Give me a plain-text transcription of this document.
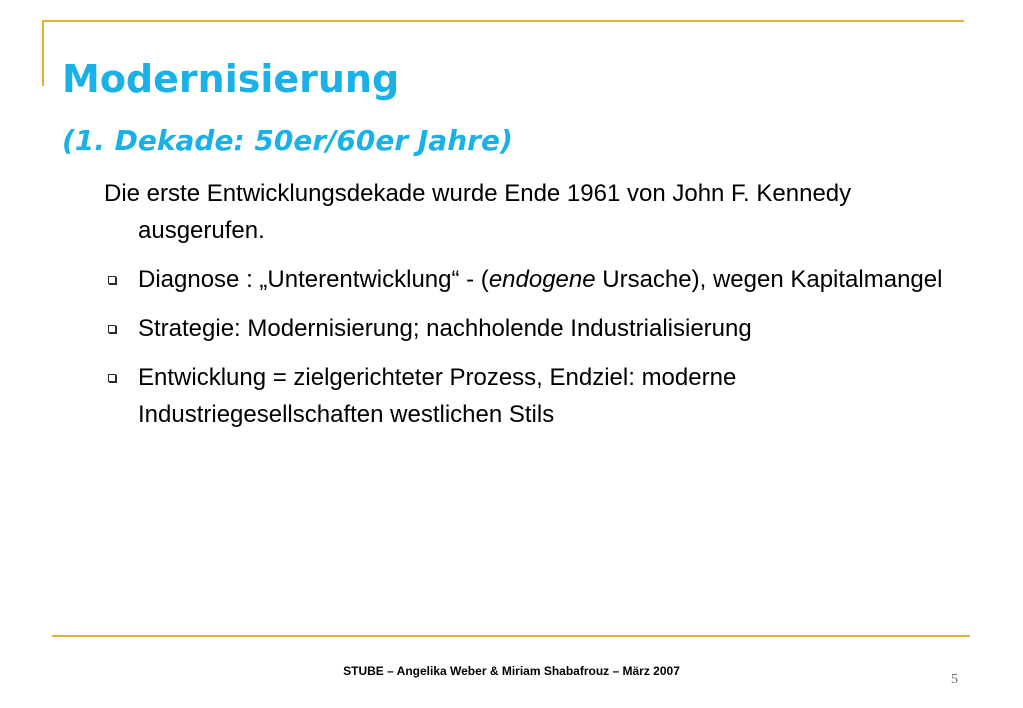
Modernisierung
(1. Dekade: 50er/60er Jahre)

Die erste Entwicklungsdekade wurde Ende 1961 von John F. Kennedy ausgerufen.

Diagnose : „Unterentwicklung“ - (endogene Ursache), wegen Kapitalmangel
Strategie: Modernisierung; nachholende Industrialisierung
Entwicklung = zielgerichteter Prozess, Endziel: moderne Industriegesellschaften westlichen Stils
STUBE – Angelika Weber & Miriam Shabafrouz – März 2007
5
